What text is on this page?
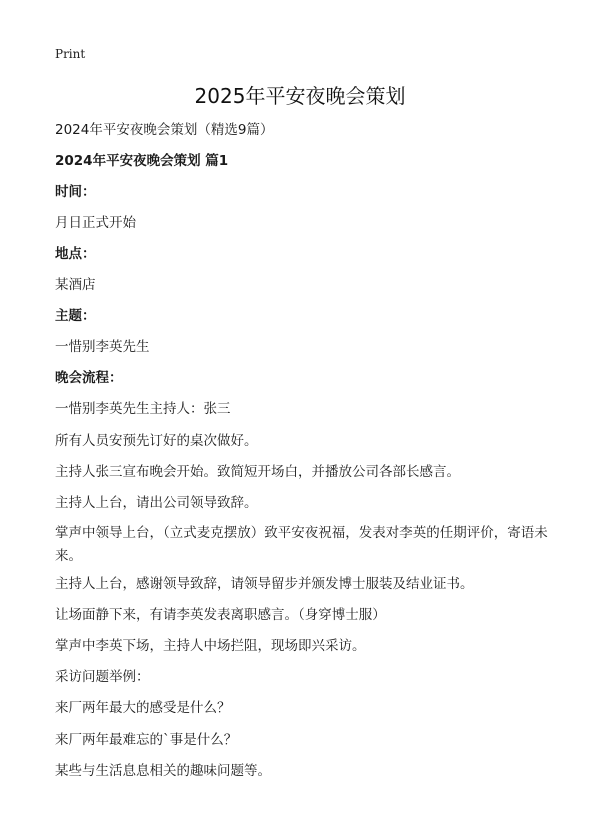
Print
2025年平安夜晚会策划

2024年平安夜晚会策划（精选9篇）

2024年平安夜晚会策划 篇1

时间：

月日正式开始

地点：

某酒店

主题：

一惜别李英先生

晚会流程：

一惜别李英先生主持人：张三

所有人员安预先订好的桌次做好。

主持人张三宣布晚会开始。致简短开场白，并播放公司各部长感言。

主持人上台，请出公司领导致辞。

掌声中领导上台，（立式麦克摆放）致平安夜祝福，发表对李英的任期评价，寄语未来。

主持人上台，感谢领导致辞，请领导留步并颁发博士服装及结业证书。

让场面静下来，有请李英发表离职感言。（身穿博士服）

掌声中李英下场，主持人中场拦阻，现场即兴采访。

采访问题举例：

来厂两年最大的感受是什么？

来厂两年最难忘的`事是什么？

某些与生活息息相关的趣味问题等。
